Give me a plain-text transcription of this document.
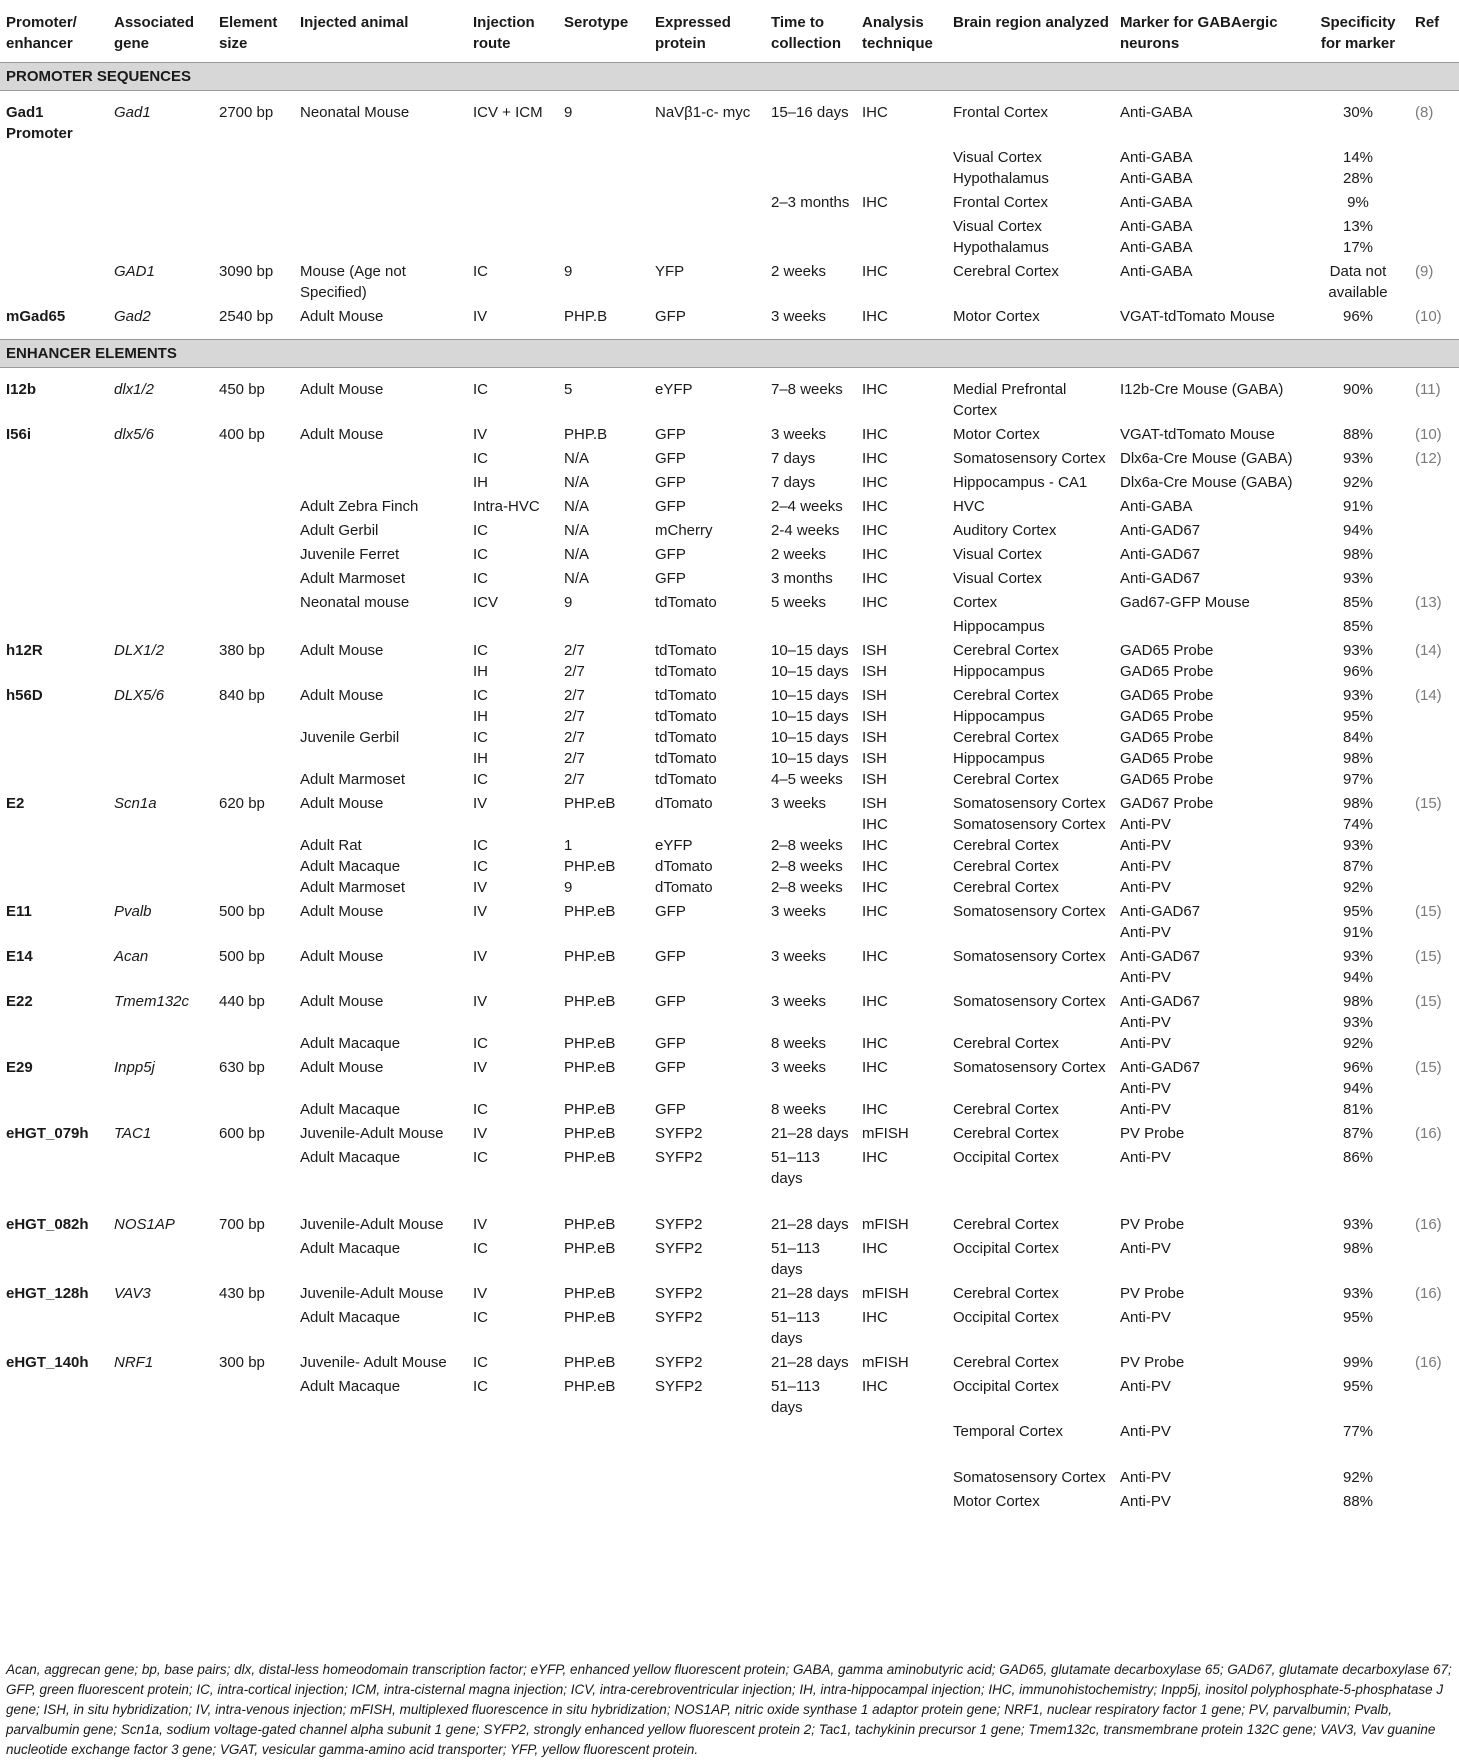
Promoter/ enhancer	Associated gene	Element size	Injected animal	Injection route	Serotype	Expressed protein	Time to collection	Analysis technique	Brain region analyzed	Marker for GABAergic neurons	Specificity for marker	Ref
PROMOTER SEQUENCES												
Gad1 Promoter	Gad1	2700 bp	Neonatal Mouse	ICV + ICM	9	NaVβ1-c- myc	15–16 days	IHC	Frontal Cortex	Anti-GABA	30%	(8)
									Visual Cortex	Anti-GABA	14%	
									Hypothalamus	Anti-GABA	28%	
							2–3 months	IHC	Frontal Cortex	Anti-GABA	9%	
									Visual Cortex	Anti-GABA	13%	
									Hypothalamus	Anti-GABA	17%	
	GAD1	3090 bp	Mouse (Age not Specified)	IC	9	YFP	2 weeks	IHC	Cerebral Cortex	Anti-GABA	Data not available	(9)
mGad65	Gad2	2540 bp	Adult Mouse	IV	PHP.B	GFP	3 weeks	IHC	Motor Cortex	VGAT-tdTomato Mouse	96%	(10)
ENHANCER ELEMENTS												
I12b	dlx1/2	450 bp	Adult Mouse	IC	5	eYFP	7–8 weeks	IHC	Medial Prefrontal Cortex	I12b-Cre Mouse (GABA)	90%	(11)
I56i	dlx5/6	400 bp	Adult Mouse	IV	PHP.B	GFP	3 weeks	IHC	Motor Cortex	VGAT-tdTomato Mouse	88%	(10)
				IC	N/A	GFP	7 days	IHC	Somatosensory Cortex	Dlx6a-Cre Mouse (GABA)	93%	(12)
				IH	N/A	GFP	7 days	IHC	Hippocampus - CA1	Dlx6a-Cre Mouse (GABA)	92%	
			Adult Zebra Finch	Intra-HVC	N/A	GFP	2–4 weeks	IHC	HVC	Anti-GABA	91%	
			Adult Gerbil	IC	N/A	mCherry	2-4 weeks	IHC	Auditory Cortex	Anti-GAD67	94%	
			Juvenile Ferret	IC	N/A	GFP	2 weeks	IHC	Visual Cortex	Anti-GAD67	98%	
			Adult Marmoset	IC	N/A	GFP	3 months	IHC	Visual Cortex	Anti-GAD67	93%	
			Neonatal mouse	ICV	9	tdTomato	5 weeks	IHC	Cortex	Gad67-GFP Mouse	85%	(13)
									Hippocampus		85%	
h12R	DLX1/2	380 bp	Adult Mouse	IC	2/7	tdTomato	10–15 days	ISH	Cerebral Cortex	GAD65 Probe	93%	(14)
				IH	2/7	tdTomato	10–15 days	ISH	Hippocampus	GAD65 Probe	96%	
h56D	DLX5/6	840 bp	Adult Mouse	IC	2/7	tdTomato	10–15 days	ISH	Cerebral Cortex	GAD65 Probe	93%	(14)
				IH	2/7	tdTomato	10–15 days	ISH	Hippocampus	GAD65 Probe	95%	
			Juvenile Gerbil	IC	2/7	tdTomato	10–15 days	ISH	Cerebral Cortex	GAD65 Probe	84%	
				IH	2/7	tdTomato	10–15 days	ISH	Hippocampus	GAD65 Probe	98%	
			Adult Marmoset	IC	2/7	tdTomato	4–5 weeks	ISH	Cerebral Cortex	GAD65 Probe	97%	
E2	Scn1a	620 bp	Adult Mouse	IV	PHP.eB	dTomato	3 weeks	ISH	Somatosensory Cortex	GAD67 Probe	98%	(15)
								IHC	Somatosensory Cortex	Anti-PV	74%	
			Adult Rat	IC	1	eYFP	2–8 weeks	IHC	Cerebral Cortex	Anti-PV	93%	
			Adult Macaque	IC	PHP.eB	dTomato	2–8 weeks	IHC	Cerebral Cortex	Anti-PV	87%	
			Adult Marmoset	IV	9	dTomato	2–8 weeks	IHC	Cerebral Cortex	Anti-PV	92%	
E11	Pvalb	500 bp	Adult Mouse	IV	PHP.eB	GFP	3 weeks	IHC	Somatosensory Cortex	Anti-GAD67	95%	(15)
										Anti-PV	91%	
E14	Acan	500 bp	Adult Mouse	IV	PHP.eB	GFP	3 weeks	IHC	Somatosensory Cortex	Anti-GAD67	93%	(15)
										Anti-PV	94%	
E22	Tmem132c	440 bp	Adult Mouse	IV	PHP.eB	GFP	3 weeks	IHC	Somatosensory Cortex	Anti-GAD67	98%	(15)
										Anti-PV	93%	
			Adult Macaque	IC	PHP.eB	GFP	8 weeks	IHC	Cerebral Cortex	Anti-PV	92%	
E29	Inpp5j	630 bp	Adult Mouse	IV	PHP.eB	GFP	3 weeks	IHC	Somatosensory Cortex	Anti-GAD67	96%	(15)
										Anti-PV	94%	
			Adult Macaque	IC	PHP.eB	GFP	8 weeks	IHC	Cerebral Cortex	Anti-PV	81%	
eHGT_079h	TAC1	600 bp	Juvenile-Adult Mouse	IV	PHP.eB	SYFP2	21–28 days	mFISH	Cerebral Cortex	PV Probe	87%	(16)
			Adult Macaque	IC	PHP.eB	SYFP2	51–113 days	IHC	Occipital Cortex	Anti-PV	86%	
eHGT_082h	NOS1AP	700 bp	Juvenile-Adult Mouse	IV	PHP.eB	SYFP2	21–28 days	mFISH	Cerebral Cortex	PV Probe	93%	(16)
			Adult Macaque	IC	PHP.eB	SYFP2	51–113 days	IHC	Occipital Cortex	Anti-PV	98%	
eHGT_128h	VAV3	430 bp	Juvenile-Adult Mouse	IV	PHP.eB	SYFP2	21–28 days	mFISH	Cerebral Cortex	PV Probe	93%	(16)
			Adult Macaque	IC	PHP.eB	SYFP2	51–113 days	IHC	Occipital Cortex	Anti-PV	95%	
eHGT_140h	NRF1	300 bp	Juvenile- Adult Mouse	IC	PHP.eB	SYFP2	21–28 days	mFISH	Cerebral Cortex	PV Probe	99%	(16)
			Adult Macaque	IC	PHP.eB	SYFP2	51–113 days	IHC	Occipital Cortex	Anti-PV	95%	
									Temporal Cortex	Anti-PV	77%	
									Somatosensory Cortex	Anti-PV	92%	
									Motor Cortex	Anti-PV	88%	
Acan, aggrecan gene; bp, base pairs; dlx, distal-less homeodomain transcription factor; eYFP, enhanced yellow fluorescent protein; GABA, gamma aminobutyric acid; GAD65, glutamate decarboxylase 65; GAD67, glutamate decarboxylase 67; GFP, green fluorescent protein; IC, intra-cortical injection; ICM, intra-cisternal magna injection; ICV, intra-cerebroventricular injection; IH, intra-hippocampal injection; IHC, immunohistochemistry; Inpp5j, inositol polyphosphate-5-phosphatase J gene; ISH, in situ hybridization; IV, intra-venous injection; mFISH, multiplexed fluorescence in situ hybridization; NOS1AP, nitric oxide synthase 1 adaptor protein gene; NRF1, nuclear respiratory factor 1 gene; PV, parvalbumin; Pvalb, parvalbumin gene; Scn1a, sodium voltage-gated channel alpha subunit 1 gene; SYFP2, strongly enhanced yellow fluorescent protein 2; Tac1, tachykinin precursor 1 gene; Tmem132c, transmembrane protein 132C gene; VAV3, Vav guanine nucleotide exchange factor 3 gene; VGAT, vesicular gamma-amino acid transporter; YFP, yellow fluorescent protein.
